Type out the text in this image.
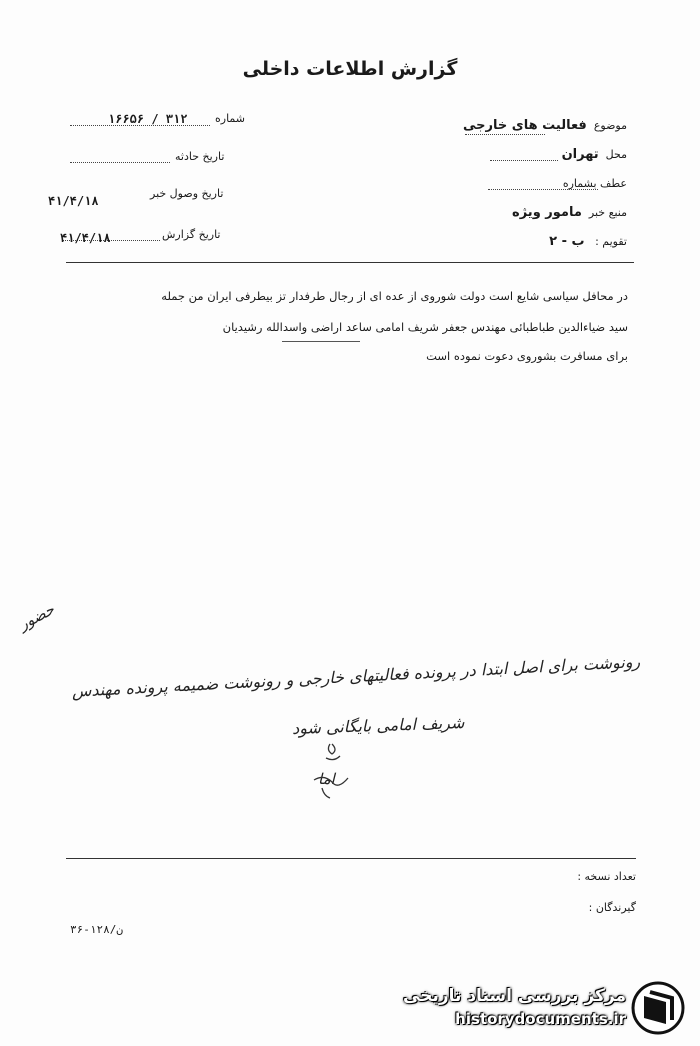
گزارش اطلاعات داخلی
موضوع  فعالیت های خارجی
محل  تهران
عطف بشماره
منبع خبر  مامور ویژه
تقویم :   ب - ۲
شماره
۱۶۶۵۶ / ۳۱۲
تاریخ حادثه
تاریخ وصول خبر
۴۱/۴/۱۸
تاریخ گزارش
۴۱/۴/۱۸
در محافل سیاسی شایع است دولت شوروی از عده ای از رجال طرفدار تز بیطرفی ایران من جمله
سید ضیاءالدین طباطبائی مهندس جعفر شریف امامی ساعد اراضی واسدالله رشیدیان
برای مسافرت بشوروی دعوت نموده است
حضور
رونوشت برای اصل ابتدا در پرونده فعالیتهای خارجی و رونوشت ضمیمه پرونده مهندس
شریف امامی بایگانی شود
اما
تعداد نسخه :
گیرندگان :
۳۶-۱۲۸/ن
مرکز بررسی اسناد تاریخی
historydocuments.ir
